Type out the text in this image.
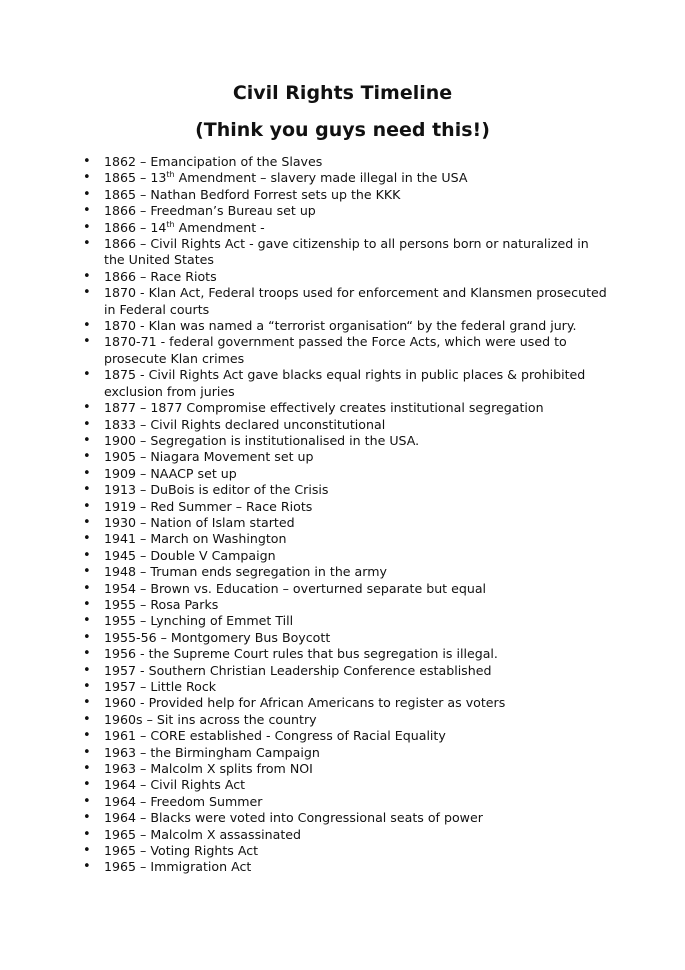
Civil Rights Timeline
(Think you guys need this!)
• 1862 – Emancipation of the Slaves
• 1865 – 13th Amendment – slavery made illegal in the USA
• 1865 – Nathan Bedford Forrest sets up the KKK
• 1866 – Freedman’s Bureau set up
• 1866 – 14th Amendment -
• 1866 – Civil Rights Act - gave citizenship to all persons born or naturalized in the United States
• 1866 – Race Riots
• 1870 - Klan Act, Federal troops used for enforcement and Klansmen prosecuted in Federal courts
• 1870 - Klan was named a “terrorist organisation“ by the federal grand jury.
• 1870-71 - federal government passed the Force Acts, which were used to prosecute Klan crimes
• 1875 - Civil Rights Act gave blacks equal rights in public places & prohibited exclusion from juries
• 1877 – 1877 Compromise effectively creates institutional segregation
• 1833 – Civil Rights declared unconstitutional
• 1900 – Segregation is institutionalised in the USA.
• 1905 – Niagara Movement set up
• 1909 – NAACP set up
• 1913 – DuBois is editor of the Crisis
• 1919 – Red Summer – Race Riots
• 1930 – Nation of Islam started
• 1941 – March on Washington
• 1945 – Double V Campaign
• 1948 – Truman ends segregation in the army
• 1954 – Brown vs. Education – overturned separate but equal
• 1955 – Rosa Parks
• 1955 – Lynching of Emmet Till
• 1955-56 – Montgomery Bus Boycott
• 1956 - the Supreme Court rules that bus segregation is illegal.
• 1957 - Southern Christian Leadership Conference established
• 1957 – Little Rock
• 1960 - Provided help for African Americans to register as voters
• 1960s – Sit ins across the country
• 1961 – CORE established - Congress of Racial Equality
• 1963 – the Birmingham Campaign
• 1963 – Malcolm X splits from NOI
• 1964 – Civil Rights Act
• 1964 – Freedom Summer
• 1964 – Blacks were voted into Congressional seats of power
• 1965 – Malcolm X assassinated
• 1965 – Voting Rights Act
• 1965 – Immigration Act
